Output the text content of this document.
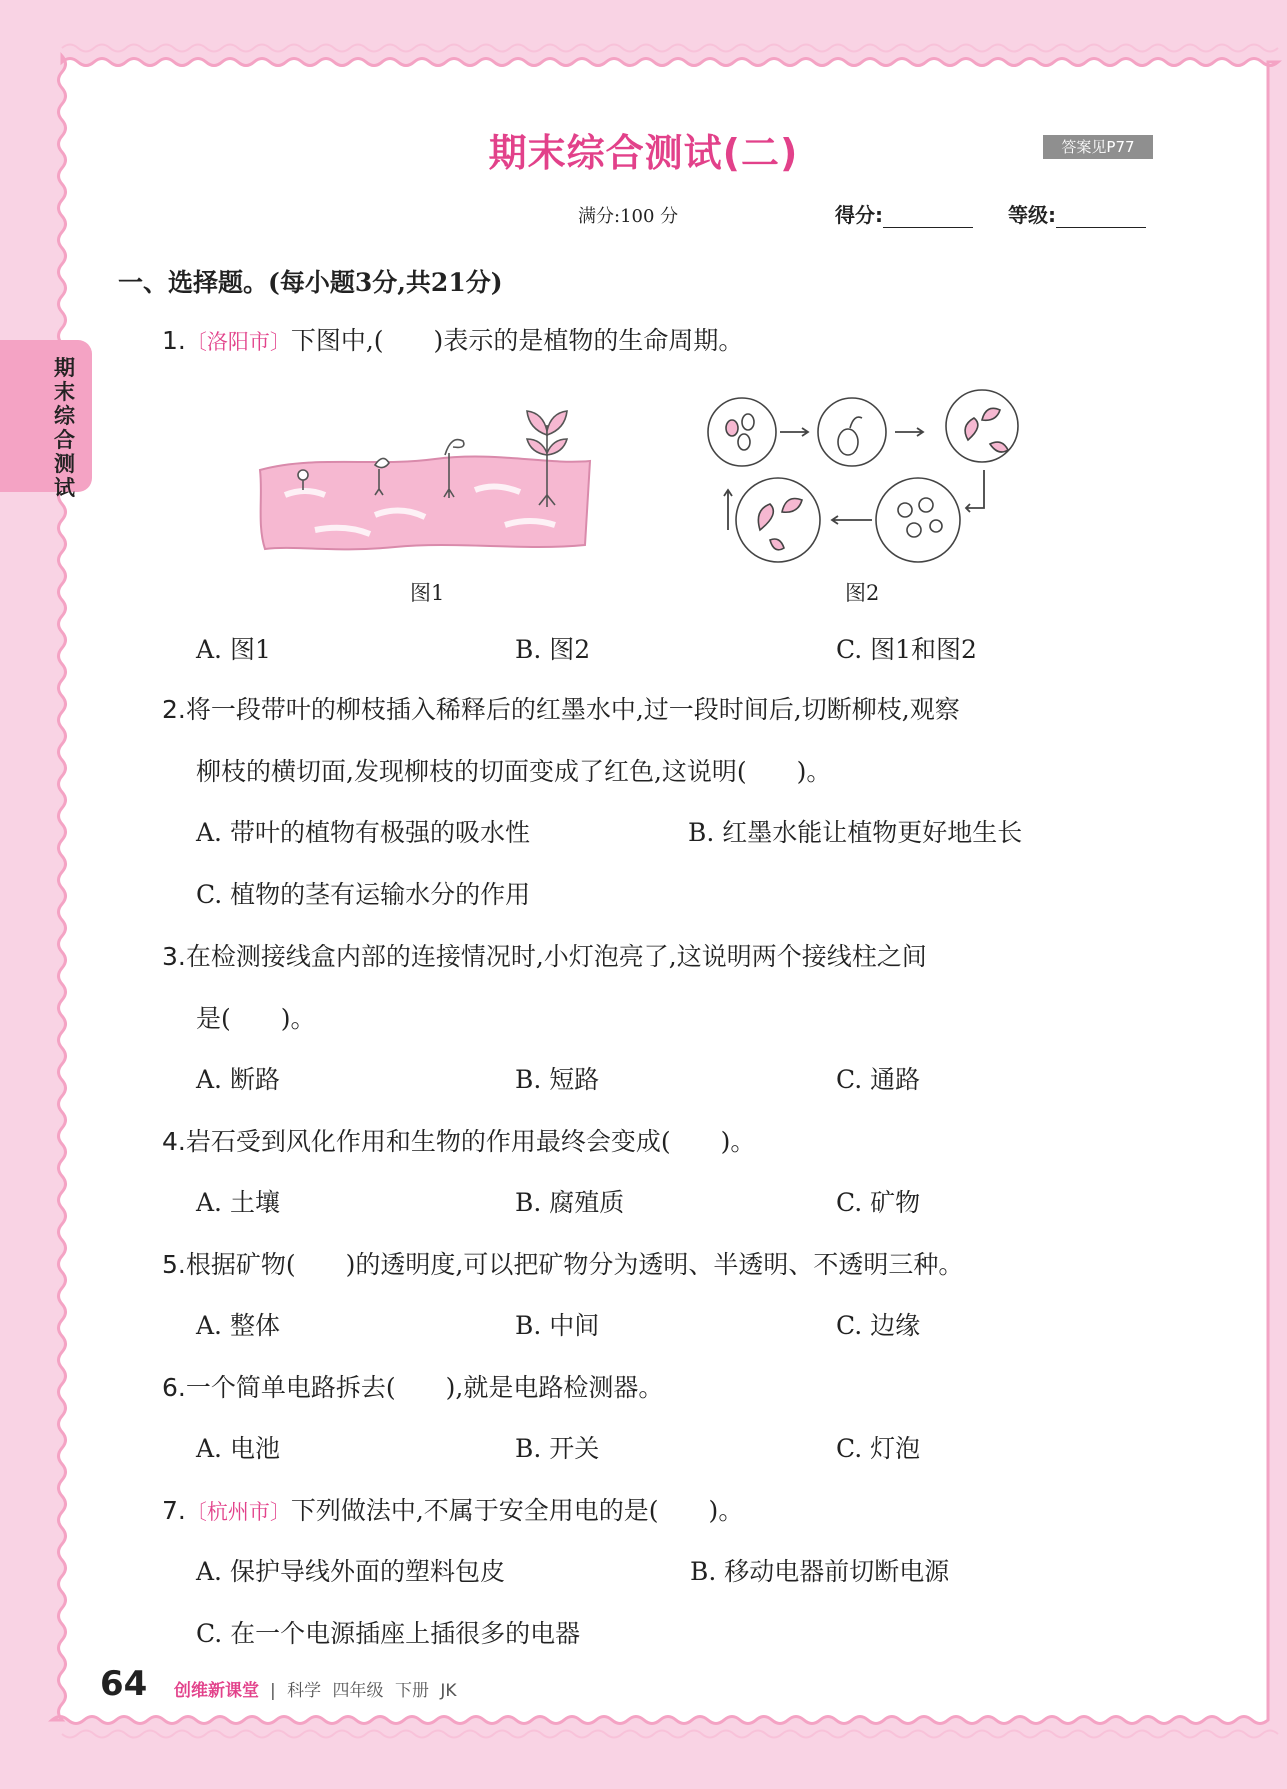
期末综合测试
期末综合测试(二)	答案见P77
满分:100 分	得分:	等级:
一、选择题。(每小题3分,共21分)
1.〔洛阳市〕下图中,(　　)表示的是植物的生命周期。
图1	图2
A. 图1	B. 图2	C. 图1和图2
2.将一段带叶的柳枝插入稀释后的红墨水中,过一段时间后,切断柳枝,观察
柳枝的横切面,发现柳枝的切面变成了红色,这说明(　　)。
A. 带叶的植物有极强的吸水性	B. 红墨水能让植物更好地生长
C. 植物的茎有运输水分的作用
3.在检测接线盒内部的连接情况时,小灯泡亮了,这说明两个接线柱之间
是(　　)。
A. 断路	B. 短路	C. 通路
4.岩石受到风化作用和生物的作用最终会变成(　　)。
A. 土壤	B. 腐殖质	C. 矿物
5.根据矿物(　　)的透明度,可以把矿物分为透明、半透明、不透明三种。
A. 整体	B. 中间	C. 边缘
6.一个简单电路拆去(　　),就是电路检测器。
A. 电池	B. 开关	C. 灯泡
7.〔杭州市〕下列做法中,不属于安全用电的是(　　)。
A. 保护导线外面的塑料包皮	B. 移动电器前切断电源
C. 在一个电源插座上插很多的电器
64 创维新课堂 | 科学 四年级 下册 JK
